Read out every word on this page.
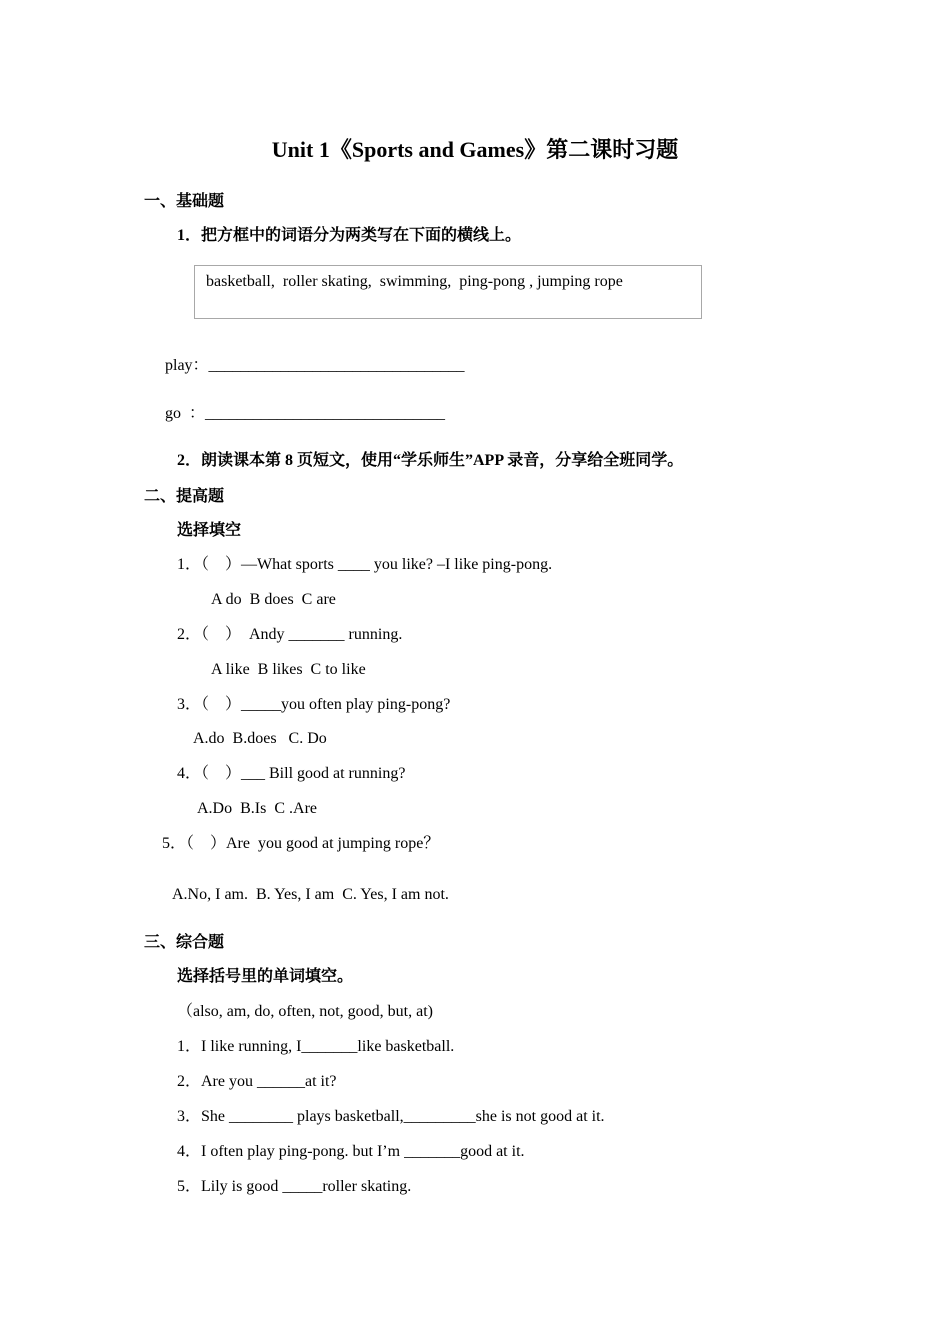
Unit 1《Sports and Games》第二课时习题
一、基础题
1．把方框中的词语分为两类写在下面的横线上。
basketball,  roller skating,  swimming,  ping-pong , jumping rope
play：________________________________
go  ：______________________________
2．朗读课本第 8 页短文，使用“学乐师生”APP 录音，分享给全班同学。
二、提高题
选择填空
1．（    ）—What sports ____ you like? –I like ping-pong.
A do  B does  C are
2．（    ）  Andy _______ running.
A like  B likes  C to like
3．（    ）_____you often play ping-pong?
A.do  B.does   C. Do
4．（    ）___ Bill good at running?
A.Do  B.Is  C .Are
5．（    ）Are  you good at jumping rope？
A.No, I am.  B. Yes, I am  C. Yes, I am not.
三、综合题
选择括号里的单词填空。
（also, am, do, often, not, good, but, at)
1．I like running, I_______like basketball.
2．Are you ______at it?
3．She ________ plays basketball,_________she is not good at it.
4．I often play ping-pong. but I’m _______good at it.
5．Lily is good _____roller skating.
